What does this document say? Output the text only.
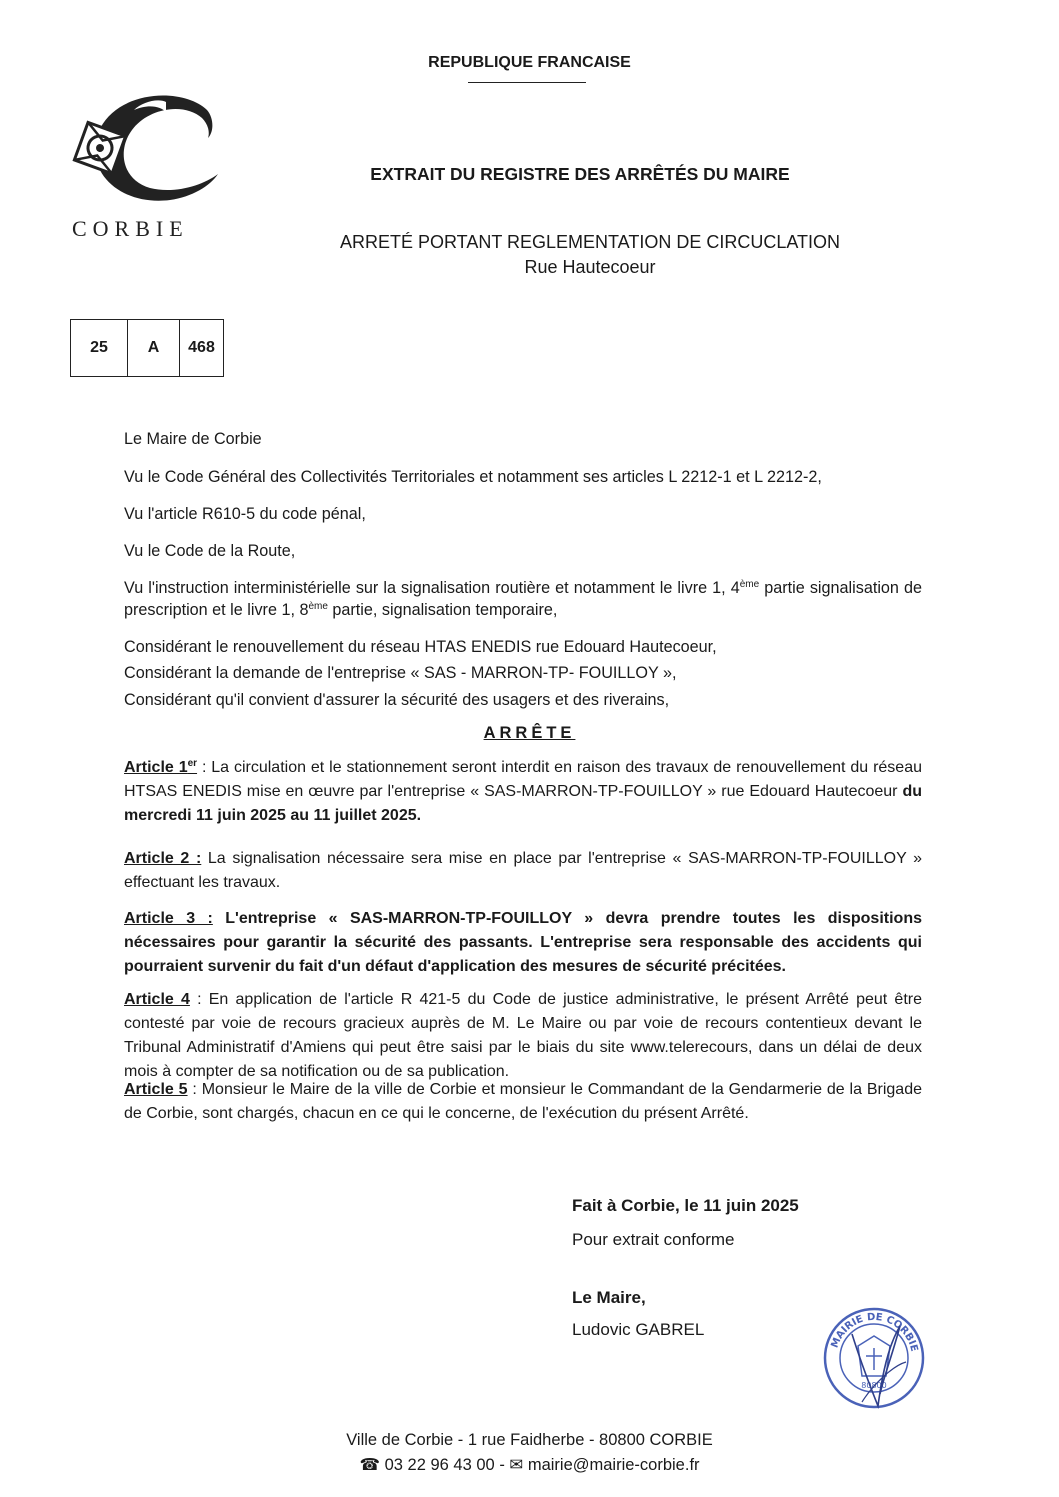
CORBIE
REPUBLIQUE FRANCAISE
EXTRAIT DU REGISTRE DES ARRÊTÉS DU MAIRE
ARRETÉ PORTANT REGLEMENTATION DE CIRCUCLATION
Rue Hautecoeur
25	A	468
Le Maire de Corbie
Vu le Code Général des Collectivités Territoriales et notamment ses articles L 2212-1 et L 2212-2,
Vu l'article R610-5 du code pénal,
Vu le Code de la Route,
Vu l'instruction interministérielle sur la signalisation routière et notamment le livre 1, 4ème partie signalisation de prescription et le livre 1, 8ème partie, signalisation temporaire,
Considérant le renouvellement du réseau HTAS ENEDIS rue Edouard Hautecoeur,
Considérant la demande de l'entreprise « SAS - MARRON-TP- FOUILLOY »,
Considérant qu'il convient d'assurer la sécurité des usagers et des riverains,
ARRÊTE
Article 1er : La circulation et le stationnement seront interdit en raison des travaux de renouvellement du réseau HTSAS ENEDIS mise en œuvre par l'entreprise « SAS-MARRON-TP-FOUILLOY » rue Edouard Hautecoeur du mercredi 11 juin 2025 au 11 juillet 2025.
Article 2 : La signalisation nécessaire sera mise en place par l'entreprise « SAS-MARRON-TP-FOUILLOY » effectuant les travaux.
Article 3 : L'entreprise « SAS-MARRON-TP-FOUILLOY » devra prendre toutes les dispositions nécessaires pour garantir la sécurité des passants. L'entreprise sera responsable des accidents qui pourraient survenir du fait d'un défaut d'application des mesures de sécurité précitées.
Article 4 : En application de l'article R 421-5 du Code de justice administrative, le présent Arrêté peut être contesté par voie de recours gracieux auprès de M. Le Maire ou par voie de recours contentieux devant le Tribunal Administratif d'Amiens qui peut être saisi par le biais du site www.telerecours, dans un délai de deux mois à compter de sa notification ou de sa publication.
Article 5 : Monsieur le Maire de la ville de Corbie et monsieur le Commandant de la Gendarmerie de la Brigade de Corbie, sont chargés, chacun en ce qui le concerne, de l'exécution du présent Arrêté.
Fait à Corbie, le 11 juin 2025
Pour extrait conforme
Le Maire,
Ludovic GABREL
MAIRIE DE CORBIE
80800
Ville de Corbie - 1 rue Faidherbe - 80800 CORBIE
☎ 03 22 96 43 00 - ✉ mairie@mairie-corbie.fr
